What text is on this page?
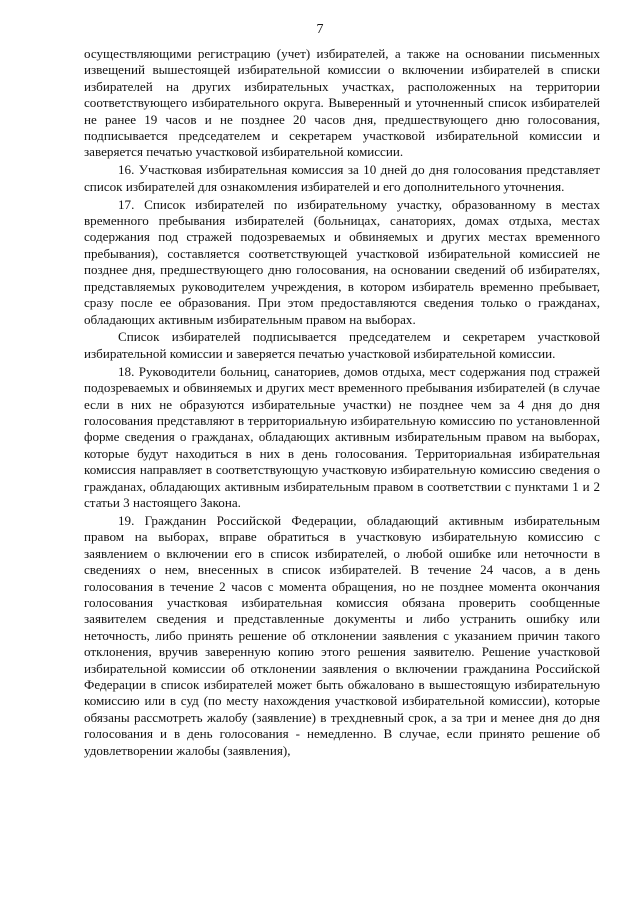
7

осуществляющими регистрацию (учет) избирателей, а также на основании письменных извещений вышестоящей избирательной комиссии о включении избирателей в списки избирателей на других избирательных участках, расположенных на территории соответствующего избирательного округа. Выверенный и уточненный список избирателей не ранее 19 часов и не позднее 20 часов дня, предшествующего дню голосования, подписывается председателем и секретарем участковой избирательной комиссии и заверяется печатью участковой избирательной комиссии.

16. Участковая избирательная комиссия за 10 дней до дня голосования представляет список избирателей для ознакомления избирателей и его дополнительного уточнения.

17. Список избирателей по избирательному участку, образованному в местах временного пребывания избирателей (больницах, санаториях, домах отдыха, местах содержания под стражей подозреваемых и обвиняемых и других местах временного пребывания), составляется соответствующей участковой избирательной комиссией не позднее дня, предшествующего дню голосования, на основании сведений об избирателях, представляемых руководителем учреждения, в котором избиратель временно пребывает, сразу после ее образования. При этом предоставляются сведения только о гражданах, обладающих активным избирательным правом на выборах.

Список избирателей подписывается председателем и секретарем участковой избирательной комиссии и заверяется печатью участковой избирательной комиссии.

18. Руководители больниц, санаториев, домов отдыха, мест содержания под стражей подозреваемых и обвиняемых и других мест временного пребывания избирателей (в случае если в них не образуются избирательные участки) не позднее чем за 4 дня до дня голосования представляют в территориальную избирательную комиссию по установленной форме сведения о гражданах, обладающих активным избирательным правом на выборах, которые будут находиться в них в день голосования. Территориальная избирательная комиссия направляет в соответствующую участковую избирательную комиссию сведения о гражданах, обладающих активным избирательным правом в соответствии с пунктами 1 и 2 статьи 3 настоящего Закона.

19. Гражданин Российской Федерации, обладающий активным избирательным правом на выборах, вправе обратиться в участковую избирательную комиссию с заявлением о включении его в список избирателей, о любой ошибке или неточности в сведениях о нем, внесенных в список избирателей. В течение 24 часов, а в день голосования в течение 2 часов с момента обращения, но не позднее момента окончания голосования участковая избирательная комиссия обязана проверить сообщенные заявителем сведения и представленные документы и либо устранить ошибку или неточность, либо принять решение об отклонении заявления с указанием причин такого отклонения, вручив заверенную копию этого решения заявителю. Решение участковой избирательной комиссии об отклонении заявления о включении гражданина Российской Федерации в список избирателей может быть обжаловано в вышестоящую избирательную комиссию или в суд (по месту нахождения участковой избирательной комиссии), которые обязаны рассмотреть жалобу (заявление) в трехдневный срок, а за три и менее дня до дня голосования и в день голосования - немедленно. В случае, если принято решение об удовлетворении жалобы (заявления),
